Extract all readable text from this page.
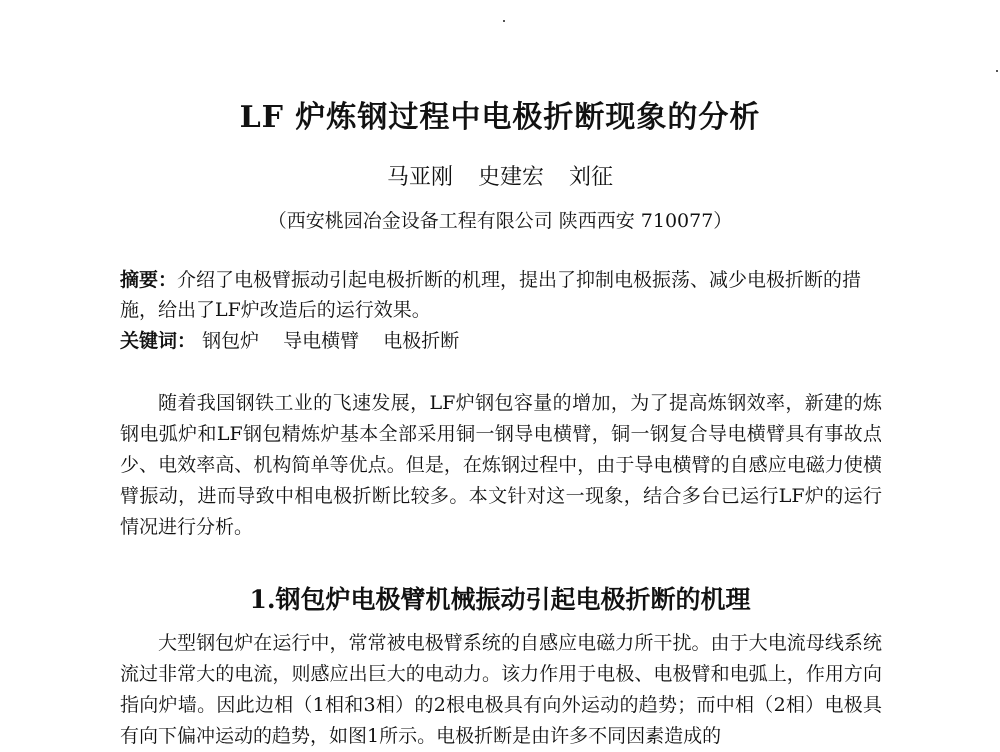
LF 炉炼钢过程中电极折断现象的分析
马亚刚 史建宏 刘征
（西安桃园冶金设备工程有限公司 陕西西安 710077）
摘要：介绍了电极臂振动引起电极折断的机理，提出了抑制电极振荡、减少电极折断的措施，给出了LF炉改造后的运行效果。
关键词： 钢包炉 导电横臂 电极折断

随着我国钢铁工业的飞速发展，LF炉钢包容量的增加，为了提高炼钢效率，新建的炼钢电弧炉和LF钢包精炼炉基本全部采用铜一钢导电横臂，铜一钢复合导电横臂具有事故点少、电效率高、机构简单等优点。但是，在炼钢过程中，由于导电横臂的自感应电磁力使横臂振动，进而导致中相电极折断比较多。本文针对这一现象，结合多台已运行LF炉的运行情况进行分析。

1.钢包炉电极臂机械振动引起电极折断的机理

大型钢包炉在运行中，常常被电极臂系统的自感应电磁力所干扰。由于大电流母线系统流过非常大的电流，则感应出巨大的电动力。该力作用于电极、电极臂和电弧上，作用方向指向炉墙。因此边相（1相和3相）的2根电极具有向外运动的趋势；而中相（2相）电极具有向下偏冲运动的趋势，如图1所示。电极折断是由许多不同因素造成的
